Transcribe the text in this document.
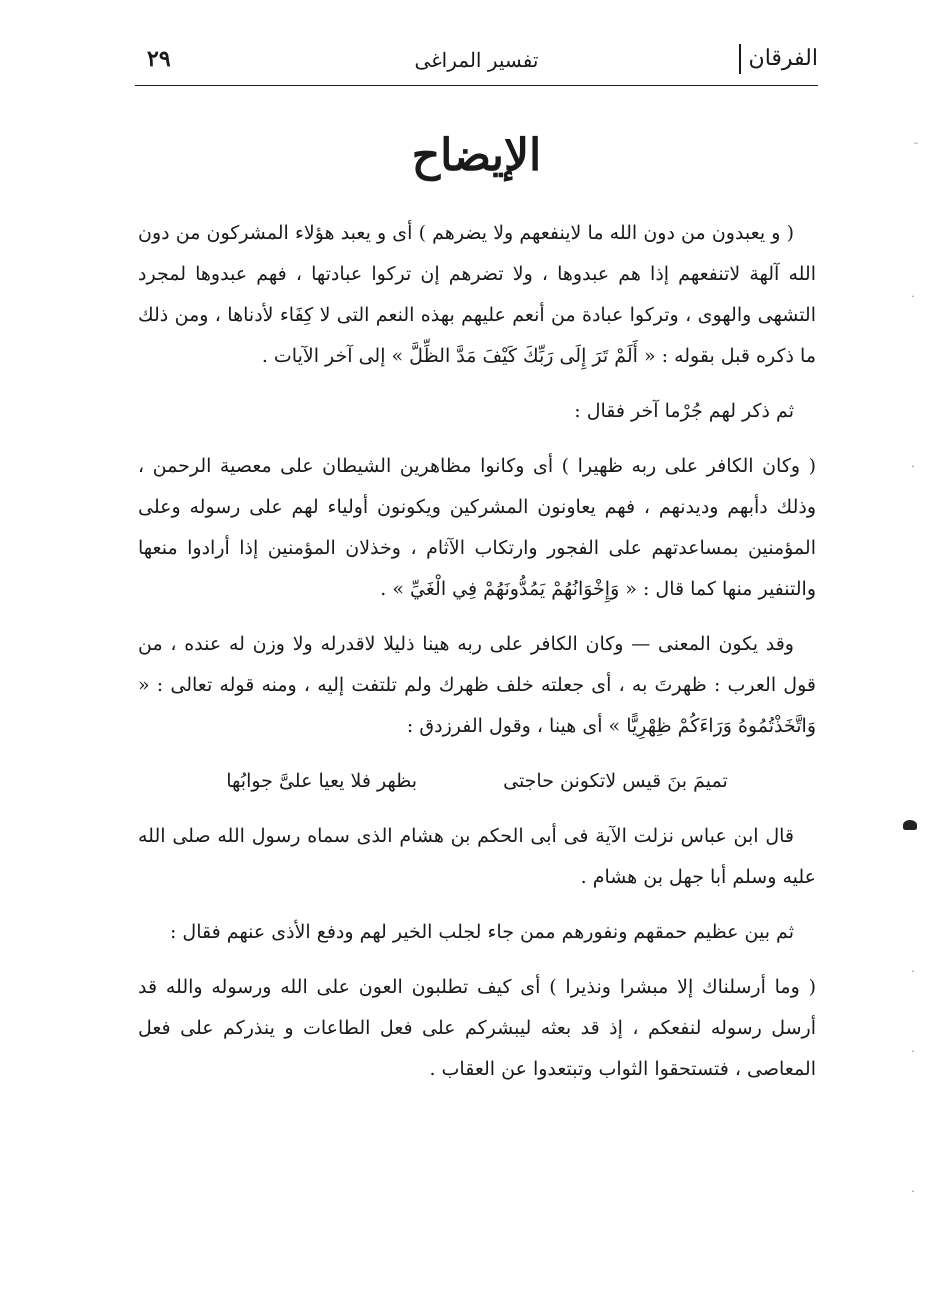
الفرقان
تفسير المراغى
٢٩
الإيضاح

( و يعبدون من دون الله ما لاينفعهم ولا يضرهم ) أى و يعبد هؤلاء المشركون من دون الله آلهة لاتنفعهم إذا هم عبدوها ، ولا تضرهم إن تركوا عبادتها ، فهم عبدوها لمجرد التشهى والهوى ، وتركوا عبادة من أنعم عليهم بهذه النعم التى لا كِفَاء لأدناها ، ومن ذلك ما ذكره قبل بقوله : « أَلَمْ تَرَ إِلَى رَبِّكَ كَيْفَ مَدَّ الظِّلَّ » إلى آخر الآيات .

ثم ذكر لهم جُرْما آخر فقال :

( وكان الكافر على ربه ظهيرا ) أى وكانوا مظاهرين الشيطان على معصية الرحمن ، وذلك دأبهم وديدنهم ، فهم يعاونون المشركين ويكونون أولياء لهم على رسوله وعلى المؤمنين بمساعدتهم على الفجور وارتكاب الآثام ، وخذلان المؤمنين إذا أرادوا منعها والتنفير منها كما قال : « وَإِخْوَانُهُمْ يَمُدُّونَهُمْ فِي الْغَيِّ » .

وقد يكون المعنى — وكان الكافر على ربه هينا ذليلا لاقدرله ولا وزن له عنده ، من قول العرب : ظهرتَ به ، أى جعلته خلف ظهرك ولم تلتفت إليه ، ومنه قوله تعالى : « وَاتَّخَذْتُمُوهُ وَرَاءَكُمْ ظِهْرِيًّا » أى هينا ، وقول الفرزدق :

تميمَ بنَ قيس لاتكونن حاجتى بظهر فلا يعيا علىَّ جوابُها

قال ابن عباس نزلت الآية فى أبى الحكم بن هشام الذى سماه رسول الله صلى الله عليه وسلم أبا جهل بن هشام .

ثم بين عظيم حمقهم ونفورهم ممن جاء لجلب الخير لهم ودفع الأذى عنهم فقال :

( وما أرسلناك إلا مبشرا ونذيرا ) أى كيف تطلبون العون على الله ورسوله والله قد أرسل رسوله لنفعكم ، إذ قد بعثه ليبشركم على فعل الطاعات و ينذركم على فعل المعاصى ، فتستحقوا الثواب وتبتعدوا عن العقاب .

·
·
·
·
·
